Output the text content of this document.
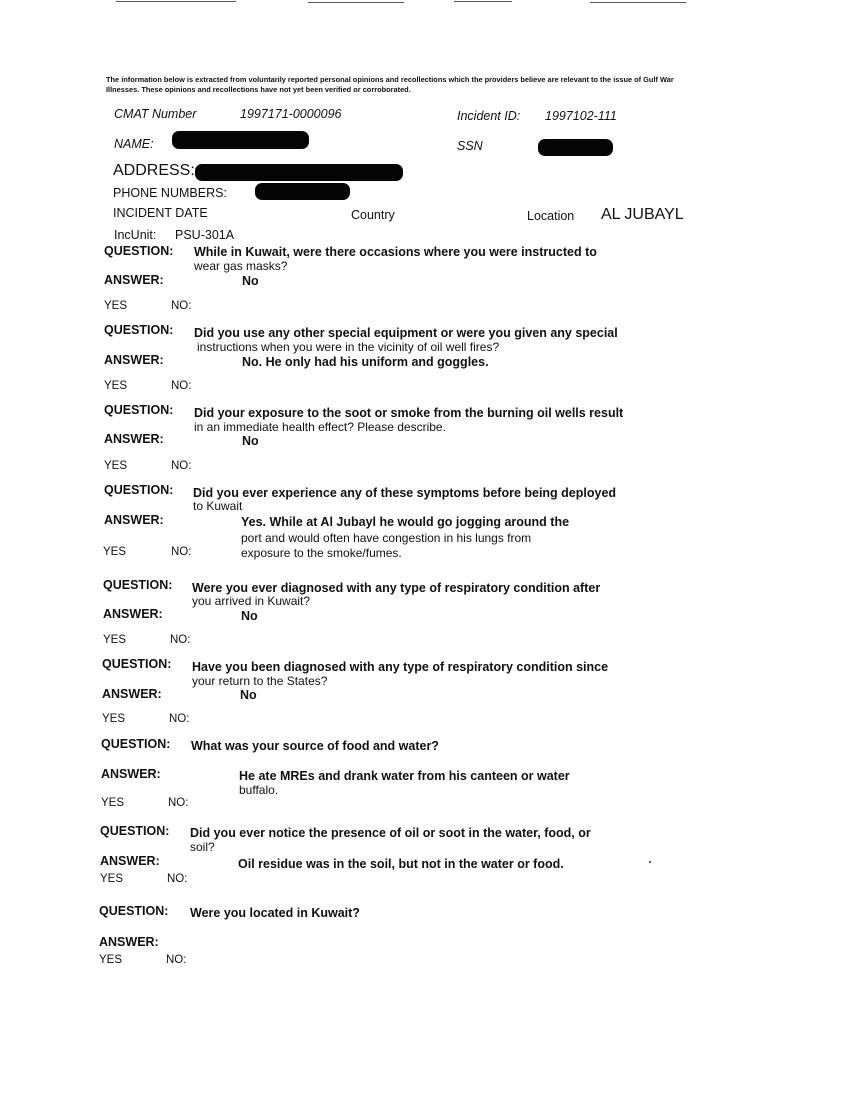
The information below is extracted from voluntarily reported personal opinions and recollections which the providers believe are relevant to the issue of Gulf War Illnesses. These opinions and recollections have not yet been verified or corroborated.
CMAT Number	1997171-0000096	Incident ID: 1997102-111
NAME:	SSN
ADDRESS:
PHONE NUMBERS:
INCIDENT DATE	Country	Location AL JUBAYL
IncUnit: PSU-301A
QUESTION: While in Kuwait, were there occasions where you were instructed to
wear gas masks?
ANSWER:	No
YES	NO:
QUESTION: Did you use any other special equipment or were you given any special
instructions when you were in the vicinity of oil well fires?
ANSWER:	No. He only had his uniform and goggles.
YES	NO:
QUESTION: Did your exposure to the soot or smoke from the burning oil wells result
in an immediate health effect? Please describe.
ANSWER:	No
YES	NO:
QUESTION: Did you ever experience any of these symptoms before being deployed
to Kuwait
ANSWER:	Yes. While at Al Jubayl he would go jogging around the
port and would often have congestion in his lungs from
YES	NO:	exposure to the smoke/fumes.
QUESTION: Were you ever diagnosed with any type of respiratory condition after
you arrived in Kuwait?
ANSWER:	No
YES	NO:
QUESTION: Have you been diagnosed with any type of respiratory condition since
your return to the States?
ANSWER:	No
YES	NO:
QUESTION: What was your source of food and water?
ANSWER:	He ate MREs and drank water from his canteen or water
buffalo.
YES	NO:
QUESTION: Did you ever notice the presence of oil or soot in the water, food, or
soil?
ANSWER:	Oil residue was in the soil, but not in the water or food.
YES	NO:
QUESTION: Were you located in Kuwait?
ANSWER:
YES	NO:
